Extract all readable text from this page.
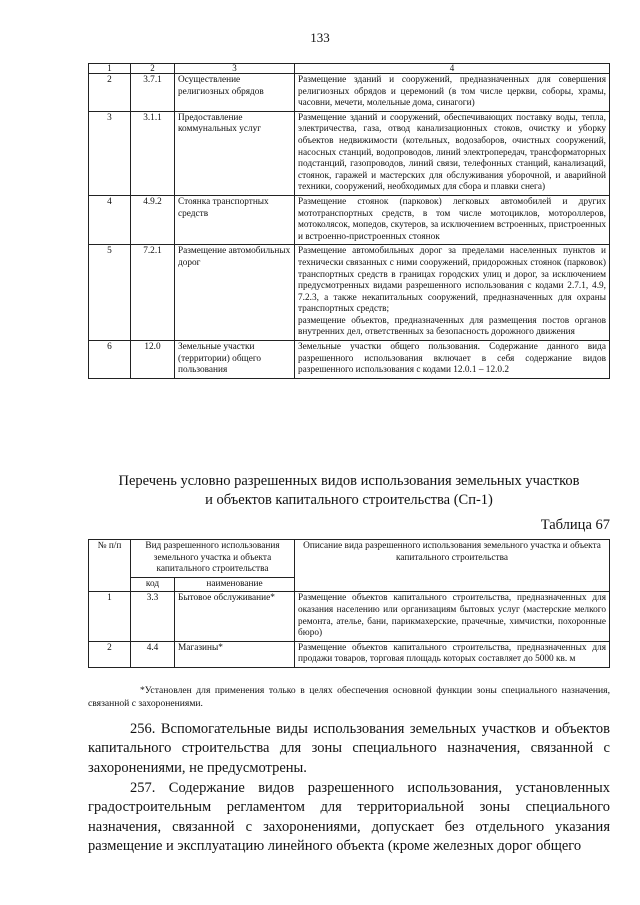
133
1	2	3	4
2	3.7.1	Осуществление религиозных обрядов	Размещение зданий и сооружений, предназначенных для совершения религиозных обрядов и церемоний (в том числе церкви, соборы, храмы, часовни, мечети, молельные дома, синагоги)
3	3.1.1	Предоставление коммунальных услуг	Размещение зданий и сооружений, обеспечивающих поставку воды, тепла, электричества, газа, отвод канализационных стоков, очистку и уборку объектов недвижимости (котельных, водозаборов, очистных сооружений, насосных станций, водопроводов, линий электропередач, трансформаторных подстанций, газопроводов, линий связи, телефонных станций, канализаций, стоянок, гаражей и мастерских для обслуживания уборочной, и аварийной техники, сооружений, необходимых для сбора и плавки снега)
4	4.9.2	Стоянка транспортных средств	Размещение стоянок (парковок) легковых автомобилей и других мототранспортных средств, в том числе мотоциклов, мотороллеров, мотоколясок, мопедов, скутеров, за исключением встроенных, пристроенных и встроенно-пристроенных стоянок
5	7.2.1	Размещение автомобильных дорог	Размещение автомобильных дорог за пределами населенных пунктов и технически связанных с ними сооружений, придорожных стоянок (парковок) транспортных средств в границах городских улиц и дорог, за исключением предусмотренных видами разрешенного использования с кодами 2.7.1, 4.9, 7.2.3, а также некапитальных сооружений, предназначенных для охраны транспортных средств;
размещение объектов, предназначенных для размещения постов органов внутренних дел, ответственных за безопасность дорожного движения

6	12.0	Земельные участки (территории) общего пользования	Земельные участки общего пользования. Содержание данного вида разрешенного использования включает в себя содержание видов разрешенного использования с кодами 12.0.1 – 12.0.2
Перечень условно разрешенных видов использования земельных участков
и объектов капитального строительства (Сп-1)
Таблица 67
№ п/п	Вид разрешенного использования земельного участка и объекта капитального строительства		Описание вида разрешенного использования земельного участка и объекта капитального строительства
	код	наименование	
1	3.3	Бытовое обслуживание*	Размещение объектов капитального строительства, предназначенных для оказания населению или организациям бытовых услуг (мастерские мелкого ремонта, ателье, бани, парикмахерские, прачечные, химчистки, похоронные бюро)
2	4.4	Магазины*	Размещение объектов капитального строительства, предназначенных для продажи товаров, торговая площадь которых составляет до 5000 кв. м
*Установлен для применения только в целях обеспечения основной функции зоны специального назначения, связанной с захоронениями.
256. Вспомогательные виды использования земельных участков и объектов капитального строительства для зоны специального назначения, связанной с захоронениями, не предусмотрены.
257. Содержание видов разрешенного использования, установленных градостроительным регламентом для территориальной зоны специального назначения, связанной с захоронениями, допускает без отдельного указания размещение и эксплуатацию линейного объекта (кроме железных дорог общего
